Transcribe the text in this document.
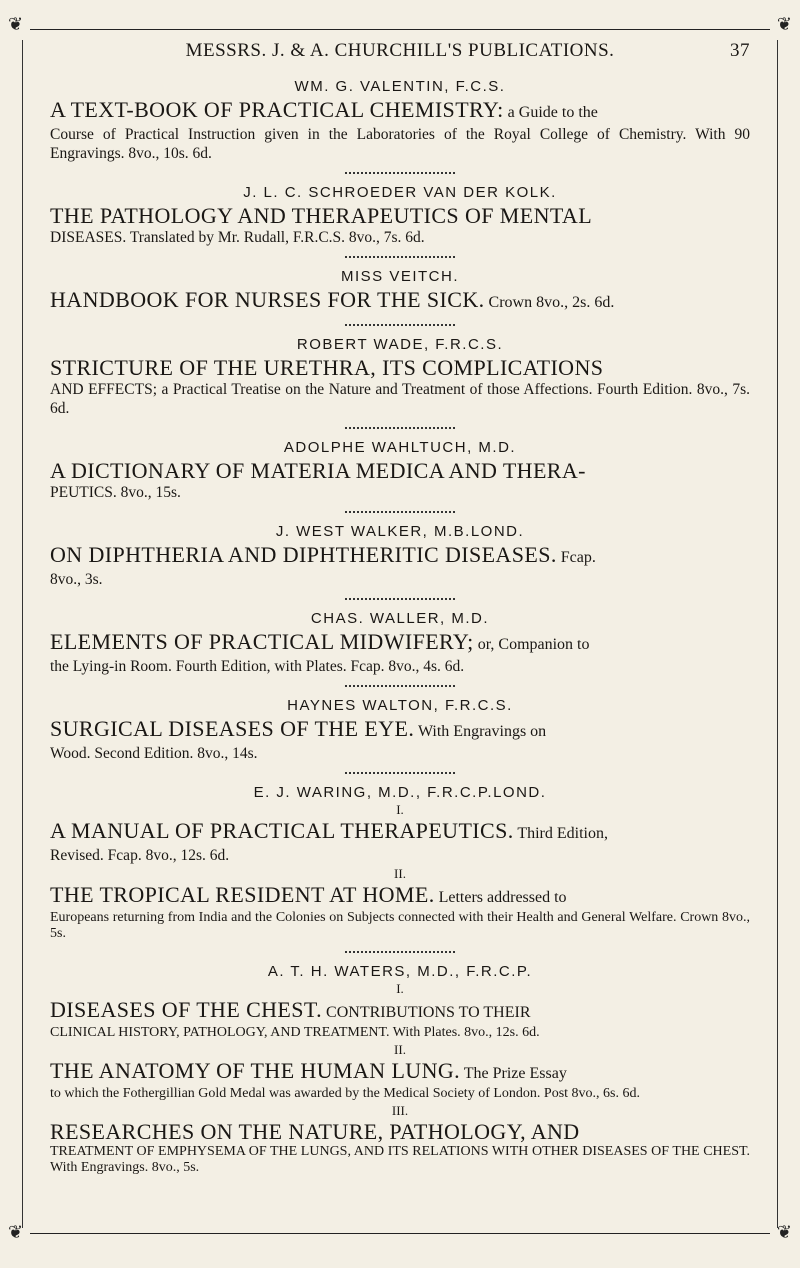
❦	❦
❦	❦
MESSRS. J. & A. CHURCHILL'S PUBLICATIONS.	37
WM. G. VALENTIN, F.C.S.
A TEXT-BOOK OF PRACTICAL CHEMISTRY: a Guide to the
Course of Practical Instruction given in the Laboratories of the Royal College of Chemistry. With 90 Engravings. 8vo., 10s. 6d.
J. L. C. SCHROEDER VAN DER KOLK.
THE PATHOLOGY AND THERAPEUTICS OF MENTAL
DISEASES. Translated by Mr. Rudall, F.R.C.S. 8vo., 7s. 6d.
MISS VEITCH.
HANDBOOK FOR NURSES FOR THE SICK. Crown 8vo., 2s. 6d.
ROBERT WADE, F.R.C.S.
STRICTURE OF THE URETHRA, ITS COMPLICATIONS
AND EFFECTS; a Practical Treatise on the Nature and Treatment of those Affections. Fourth Edition. 8vo., 7s. 6d.
ADOLPHE WAHLTUCH, M.D.
A DICTIONARY OF MATERIA MEDICA AND THERA-
PEUTICS. 8vo., 15s.
J. WEST WALKER, M.B.LOND.
ON DIPHTHERIA AND DIPHTHERITIC DISEASES. Fcap.
8vo., 3s.
CHAS. WALLER, M.D.
ELEMENTS OF PRACTICAL MIDWIFERY; or, Companion to
the Lying-in Room. Fourth Edition, with Plates. Fcap. 8vo., 4s. 6d.
HAYNES WALTON, F.R.C.S.
SURGICAL DISEASES OF THE EYE. With Engravings on
Wood. Second Edition. 8vo., 14s.
E. J. WARING, M.D., F.R.C.P.LOND.
I.
A MANUAL OF PRACTICAL THERAPEUTICS. Third Edition,
Revised. Fcap. 8vo., 12s. 6d.
II.
THE TROPICAL RESIDENT AT HOME. Letters addressed to
Europeans returning from India and the Colonies on Subjects connected with their Health and General Welfare. Crown 8vo., 5s.
A. T. H. WATERS, M.D., F.R.C.P.
I.
DISEASES OF THE CHEST. CONTRIBUTIONS TO THEIR
CLINICAL HISTORY, PATHOLOGY, AND TREATMENT. With Plates. 8vo., 12s. 6d.
II.
THE ANATOMY OF THE HUMAN LUNG. The Prize Essay
to which the Fothergillian Gold Medal was awarded by the Medical Society of London. Post 8vo., 6s. 6d.
III.
RESEARCHES ON THE NATURE, PATHOLOGY, AND
TREATMENT OF EMPHYSEMA OF THE LUNGS, AND ITS RELATIONS WITH OTHER DISEASES OF THE CHEST. With Engravings. 8vo., 5s.
